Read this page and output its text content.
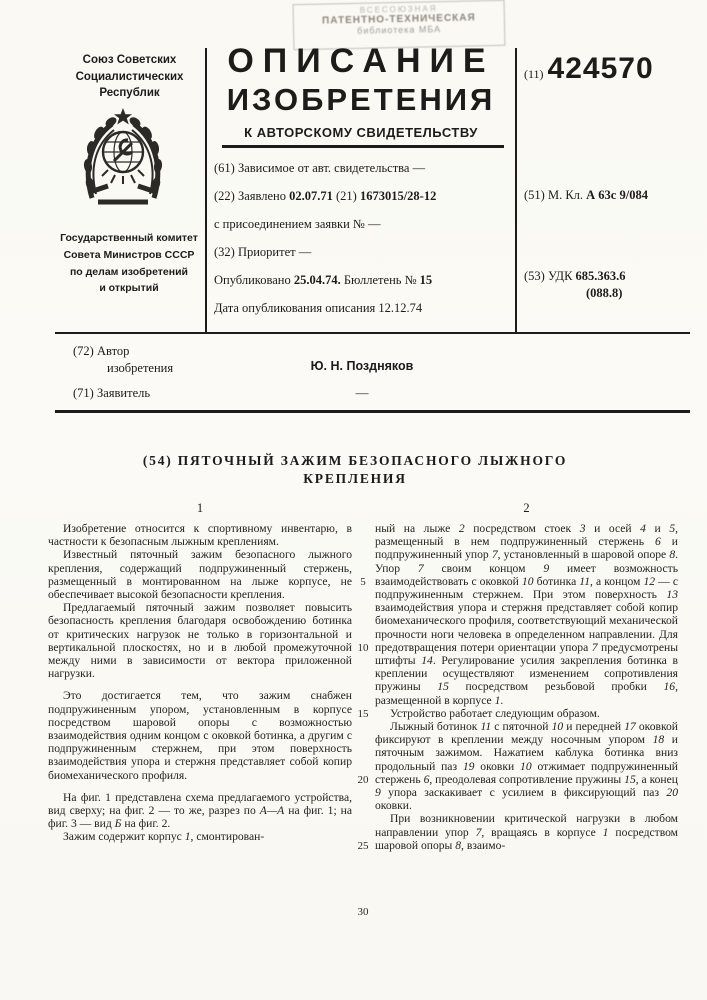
ВСЕСОЮЗНАЯ
ПАТЕНТНО-ТЕХНИЧЕСКАЯ
библиотека МБА
Союз Советских
Социалистических
Республик
Государственный комитет
Совета Министров СССР
по делам изобретений
и открытий
ОПИСАНИЕ
ИЗОБРЕТЕНИЯ
К АВТОРСКОМУ СВИДЕТЕЛЬСТВУ
(61) Зависимое от авт. свидетельства —
(22) Заявлено 02.07.71 (21) 1673015/28-12
с присоединением заявки № —
(32) Приоритет —
Опубликовано 25.04.74. Бюллетень № 15
Дата опубликования описания 12.12.74
(11) 424570
(51) М. Кл. А 63с 9/084
(53) УДК 685.363.6
(088.8)
(72) Автор
изобретения	Ю. Н. Поздняков
(71) Заявитель	—
(54) ПЯТОЧНЫЙ ЗАЖИМ БЕЗОПАСНОГО ЛЫЖНОГО
КРЕПЛЕНИЯ
1	2

Изобретение относится к спортивному инвентарю, в частности к безопасным лыжным креплениям.

Известный пяточный зажим безопасного лыжного крепления, содержащий подпружиненный стержень, размещенный в монтированном на лыже корпусе, не обеспечивает высокой безопасности крепления.

Предлагаемый пяточный зажим позволяет повысить безопасность крепления благодаря освобождению ботинка от критических нагрузок не только в горизонтальной и вертикальной плоскостях, но и в любой промежуточной между ними в зависимости от вектора приложенной нагрузки.

Это достигается тем, что зажим снабжен подпружиненным упором, установленным в корпусе посредством шаровой опоры с возможностью взаимодействия одним концом с оковкой ботинка, а другим с подпружиненным стержнем, при этом поверхность взаимодействия упора и стержня представляет собой копир биомеханического профиля.

На фиг. 1 представлена схема предлагаемого устройства, вид сверху; на фиг. 2 — то же, разрез по А—А на фиг. 1; на фиг. 3 — вид Б на фиг. 2.

Зажим содержит корпус 1, смонтирован-

5
10
15
20
25
30

ный на лыже 2 посредством стоек 3 и осей 4 и 5, размещенный в нем подпружиненный стержень 6 и подпружиненный упор 7, установленный в шаровой опоре 8. Упор 7 своим концом 9 имеет возможность взаимодействовать с оковкой 10 ботинка 11, а концом 12 — с подпружиненным стержнем. При этом поверхность 13 взаимодействия упора и стержня представляет собой копир биомеханического профиля, соответствующий механической прочности ноги человека в определенном направлении. Для предотвращения потери ориентации упора 7 предусмотрены штифты 14. Регулирование усилия закрепления ботинка в креплении осуществляют изменением сопротивления пружины 15 посредством резьбовой пробки 16, размещенной в корпусе 1.

Устройство работает следующим образом.

Лыжный ботинок 11 с пяточной 10 и передней 17 оковкой фиксируют в креплении между носочным упором 18 и пяточным зажимом. Нажатием каблука ботинка вниз продольный паз 19 оковки 10 отжимает подпружиненный стержень 6, преодолевая сопротивление пружины 15, а конец 9 упора заскакивает с усилием в фиксирующий паз 20 оковки.

При возникновении критической нагрузки в любом направлении упор 7, вращаясь в корпусе 1 посредством шаровой опоры 8, взаимо-
